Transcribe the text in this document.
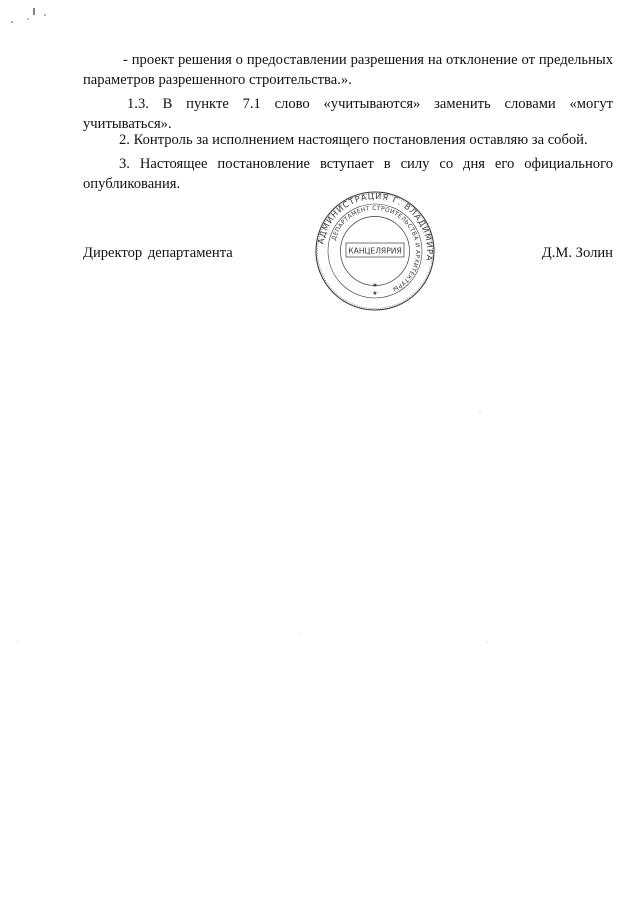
- проект решения о предоставлении разрешения на отклонение от предельных параметров разрешенного строительства.».

1.3. В пункте 7.1 слово «учитываются» заменить словами «могут учитываться».

2. Контроль за исполнением настоящего постановления оставляю за собой.

3. Настоящее постановление вступает в силу со дня его официального опубликования.

Директор департамента	Д.М. Золин
АДМИНИСТРАЦИЯ Г. ВЛАДИМИРА
ДЕПАРТАМЕНТ СТРОИТЕЛЬСТВА И АРХИТЕКТУРЫ
КАНЦЕЛЯРИЯ
★
★
